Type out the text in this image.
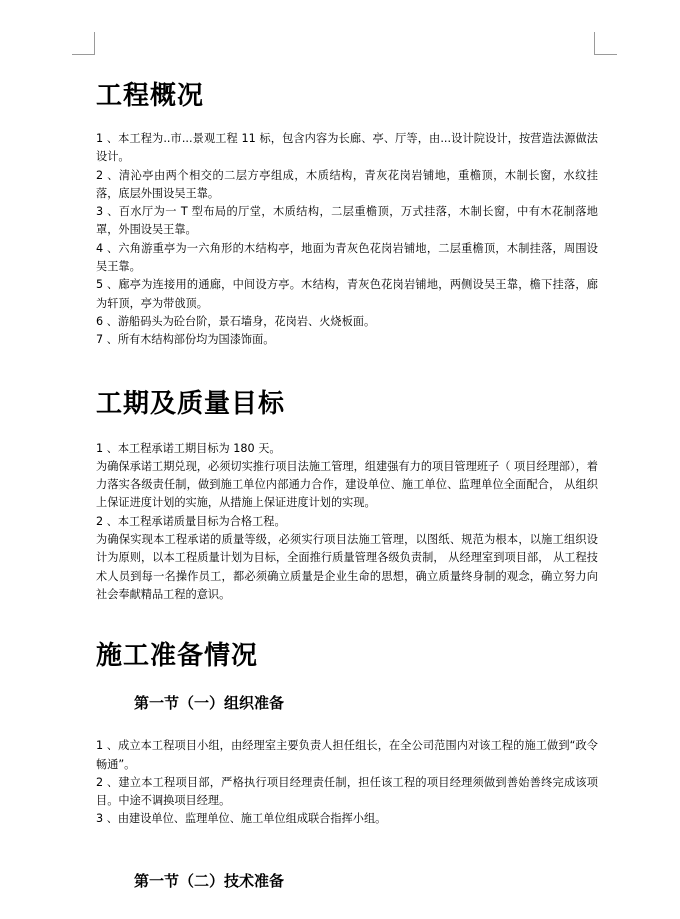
工程概况

1 、本工程为..市...景观工程 11 标，包含内容为长廊、亭、厅等，由...设计院设计，按营造法源做法设计。

2 、清沁亭由两个相交的二层方亭组成，木质结构，青灰花岗岩铺地，重檐顶，木制长窗，水纹挂落，底层外围设吴王靠。

3 、百水厅为一 T 型布局的厅堂，木质结构，二层重檐顶，万式挂落，木制长窗，中有木花制落地罩，外围设吴王靠。

4 、六角游重亭为一六角形的木结构亭，地面为青灰色花岗岩铺地，二层重檐顶，木制挂落，周围设吴王靠。

5 、廊亭为连接用的通廊，中间设方亭。木结构，青灰色花岗岩铺地，两侧设吴王靠，檐下挂落，廊为轩顶，亭为带戗顶。

6 、游船码头为砼台阶，景石墙身，花岗岩、火烧板面。

7 、所有木结构部份均为国漆饰面。

工期及质量目标

1 、本工程承诺工期目标为 180 天。

为确保承诺工期兑现，必须切实推行项目法施工管理，组建强有力的项目管理班子（ 项目经理部），着力落实各级责任制，做到施工单位内部通力合作，建设单位、施工单位、监理单位全面配合， 从组织上保证进度计划的实施，从措施上保证进度计划的实现。

2 、本工程承诺质量目标为合格工程。

为确保实现本工程承诺的质量等级，必须实行项目法施工管理，以图纸、规范为根本，以施工组织设计为原则，以本工程质量计划为目标，全面推行质量管理各级负责制， 从经理室到项目部， 从工程技术人员到每一名操作员工，都必须确立质量是企业生命的思想，确立质量终身制的观念，确立努力向社会奉献精品工程的意识。

施工准备情况
第一节（一）组织准备

1 、成立本工程项目小组，由经理室主要负责人担任组长，在全公司范围内对该工程的施工做到“政令畅通”。

2 、建立本工程项目部，严格执行项目经理责任制，担任该工程的项目经理须做到善始善终完成该项目。中途不调换项目经理。

3 、由建设单位、监理单位、施工单位组成联合指挥小组。

第一节（二）技术准备
